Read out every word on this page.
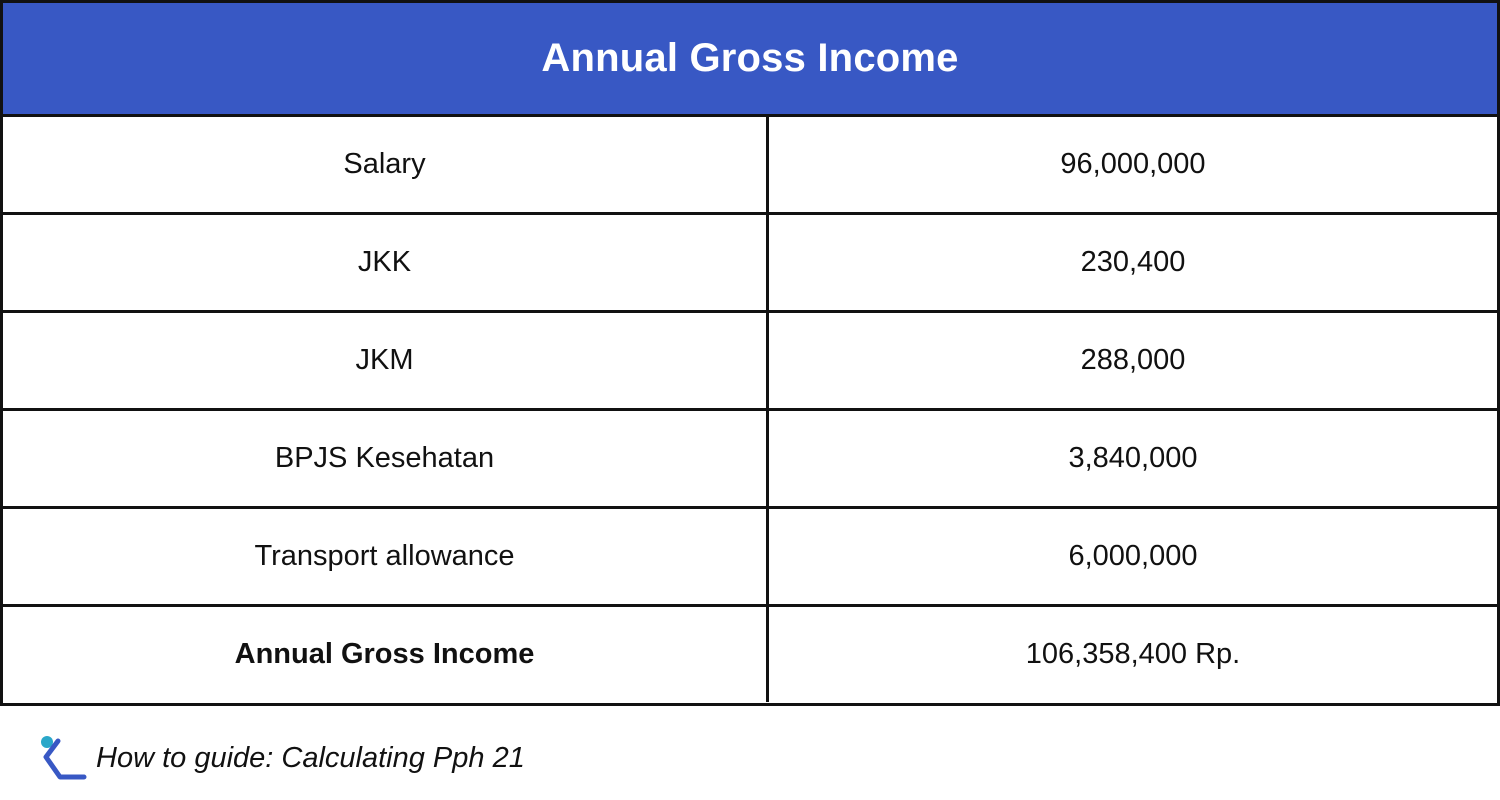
Annual Gross Income
Salary	96,000,000
JKK	230,400
JKM	288,000
BPJS Kesehatan	3,840,000
Transport allowance	6,000,000
Annual Gross Income	106,358,400 Rp.
How to guide: Calculating Pph 21
